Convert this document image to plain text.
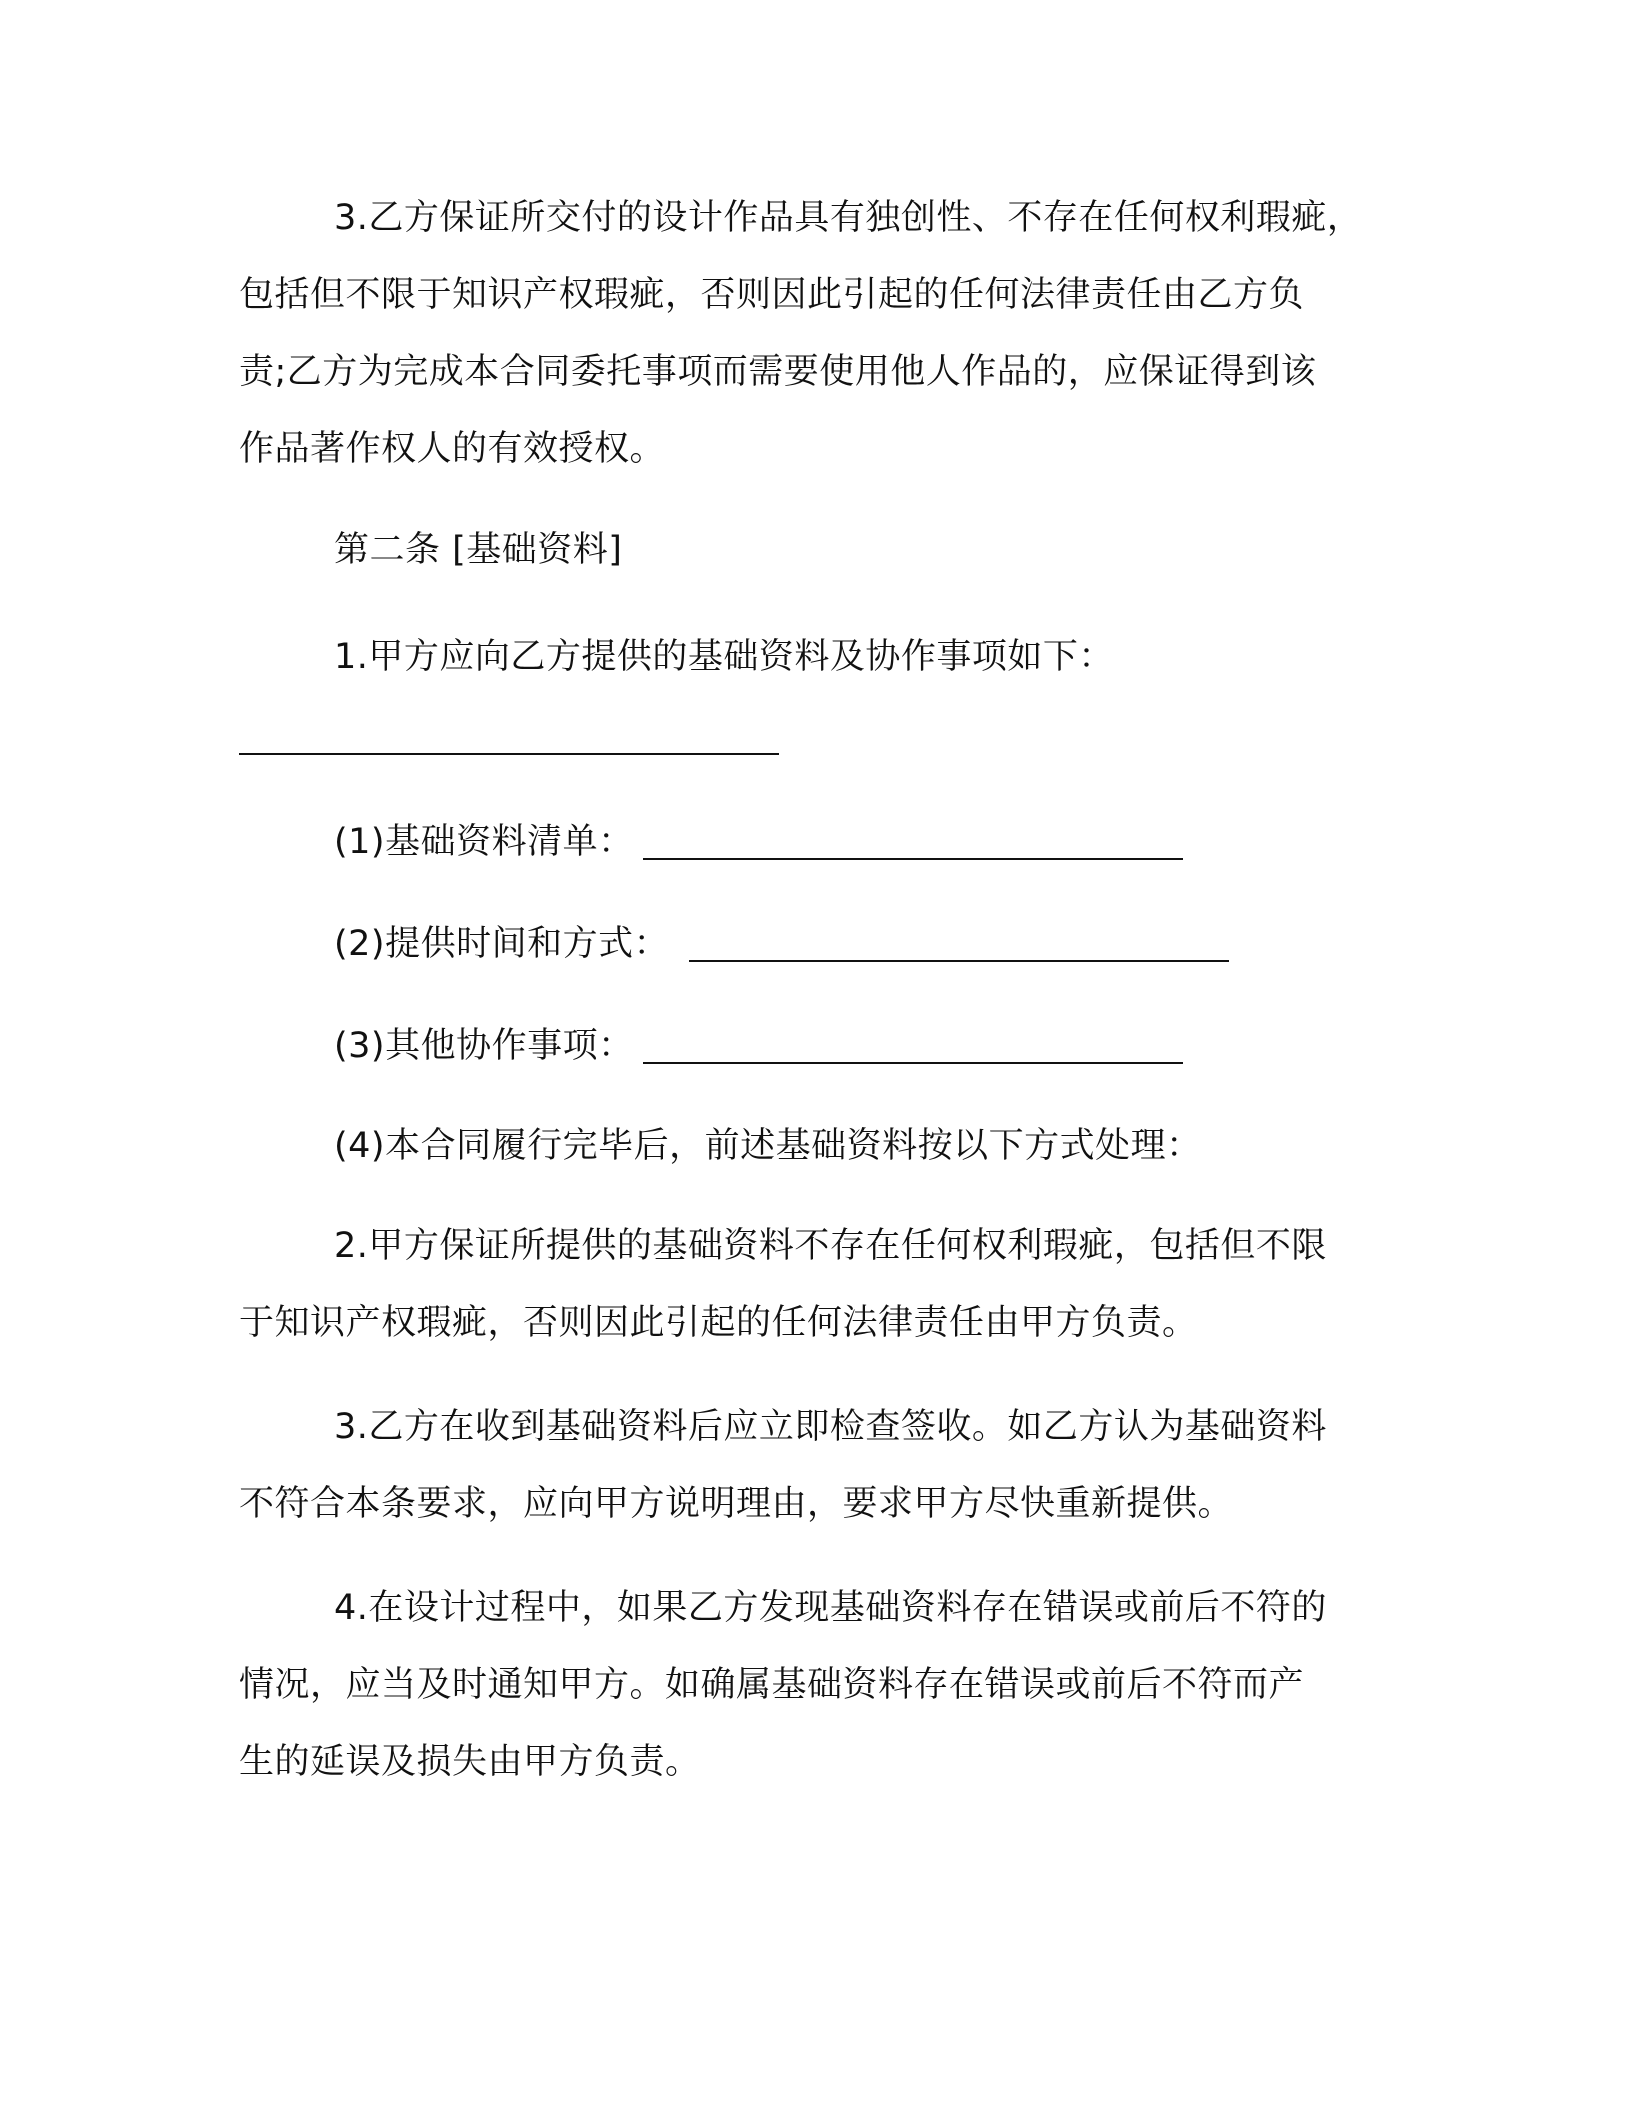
3.乙方保证所交付的设计作品具有独创性、不存在任何权利瑕疵，
包括但不限于知识产权瑕疵，否则因此引起的任何法律责任由乙方负
责;乙方为完成本合同委托事项而需要使用他人作品的，应保证得到该
作品著作权人的有效授权。
第二条 [基础资料]
1.甲方应向乙方提供的基础资料及协作事项如下：
(1)基础资料清单：
(2)提供时间和方式：
(3)其他协作事项：
(4)本合同履行完毕后，前述基础资料按以下方式处理：
2.甲方保证所提供的基础资料不存在任何权利瑕疵，包括但不限
于知识产权瑕疵，否则因此引起的任何法律责任由甲方负责。
3.乙方在收到基础资料后应立即检查签收。如乙方认为基础资料
不符合本条要求，应向甲方说明理由，要求甲方尽快重新提供。
4.在设计过程中，如果乙方发现基础资料存在错误或前后不符的
情况，应当及时通知甲方。如确属基础资料存在错误或前后不符而产
生的延误及损失由甲方负责。
